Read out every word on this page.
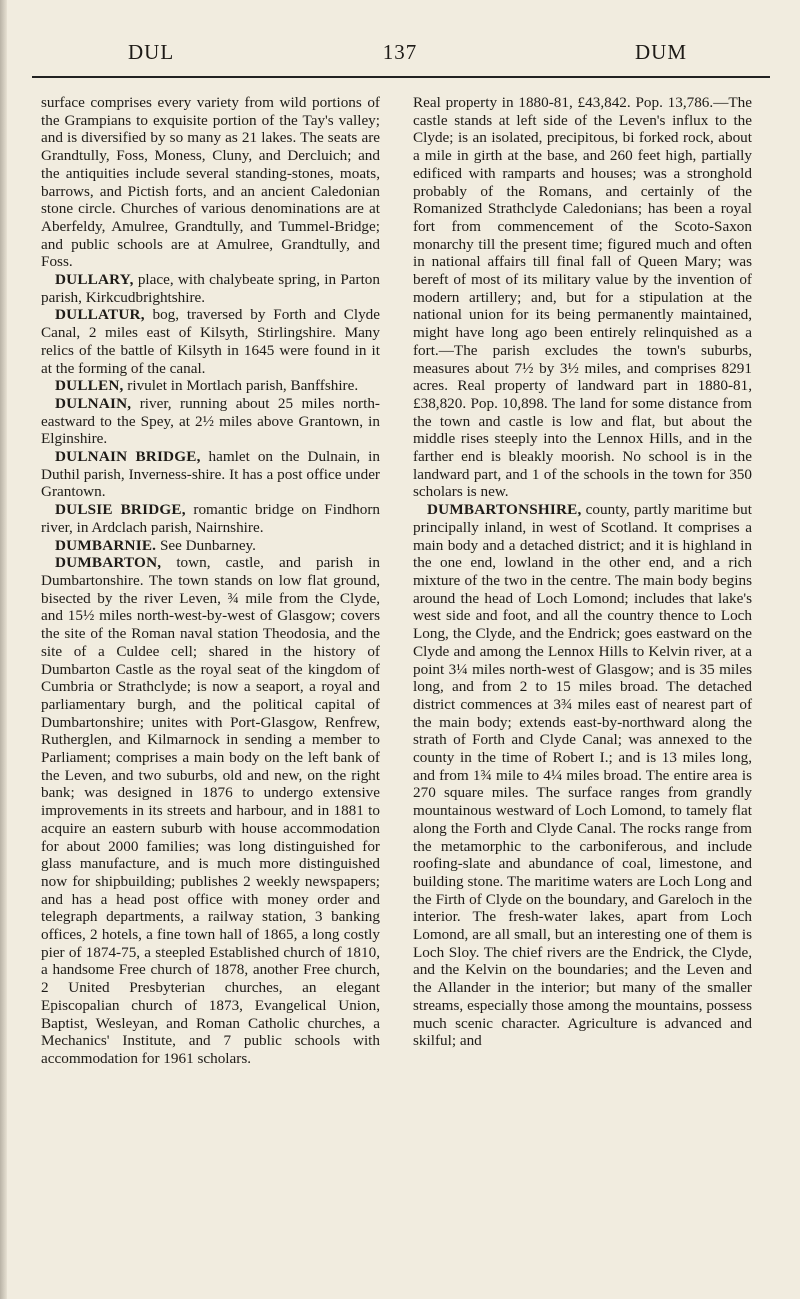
DUL	137	DUM

surface comprises every variety from wild portions of the Grampians to exquisite portion of the Tay's valley; and is diversified by so many as 21 lakes. The seats are Grandtully, Foss, Moness, Cluny, and Dercluich; and the antiquities include several standing-stones, moats, barrows, and Pictish forts, and an ancient Caledonian stone circle. Churches of various denominations are at Aberfeldy, Amulree, Grandtully, and Tummel-Bridge; and public schools are at Amulree, Grandtully, and Foss.

DULLARY, place, with chalybeate spring, in Parton parish, Kirkcudbrightshire.

DULLATUR, bog, traversed by Forth and Clyde Canal, 2 miles east of Kilsyth, Stirlingshire. Many relics of the battle of Kilsyth in 1645 were found in it at the forming of the canal.

DULLEN, rivulet in Mortlach parish, Banffshire.

DULNAIN, river, running about 25 miles north-eastward to the Spey, at 2½ miles above Grantown, in Elginshire.

DULNAIN BRIDGE, hamlet on the Dulnain, in Duthil parish, Inverness-shire. It has a post office under Grantown.

DULSIE BRIDGE, romantic bridge on Findhorn river, in Ardclach parish, Nairnshire.

DUMBARNIE. See Dunbarney.

DUMBARTON, town, castle, and parish in Dumbartonshire. The town stands on low flat ground, bisected by the river Leven, ¾ mile from the Clyde, and 15½ miles north-west-by-west of Glasgow; covers the site of the Roman naval station Theodosia, and the site of a Culdee cell; shared in the history of Dumbarton Castle as the royal seat of the kingdom of Cumbria or Strathclyde; is now a seaport, a royal and parliamentary burgh, and the political capital of Dumbartonshire; unites with Port-Glasgow, Renfrew, Rutherglen, and Kilmarnock in sending a member to Parliament; comprises a main body on the left bank of the Leven, and two suburbs, old and new, on the right bank; was designed in 1876 to undergo extensive improvements in its streets and harbour, and in 1881 to acquire an eastern suburb with house accommodation for about 2000 families; was long distinguished for glass manufacture, and is much more distinguished now for shipbuilding; publishes 2 weekly newspapers; and has a head post office with money order and telegraph departments, a railway station, 3 banking offices, 2 hotels, a fine town hall of 1865, a long costly pier of 1874-75, a steepled Established church of 1810, a handsome Free church of 1878, another Free church, 2 United Presbyterian churches, an elegant Episcopalian church of 1873, Evangelical Union, Baptist, Wesleyan, and Roman Catholic churches, a Mechanics' Institute, and 7 public schools with accommodation for 1961 scholars.

Real property in 1880-81, £43,842. Pop. 13,786.—The castle stands at left side of the Leven's influx to the Clyde; is an isolated, precipitous, bi forked rock, about a mile in girth at the base, and 260 feet high, partially edificed with ramparts and houses; was a stronghold probably of the Romans, and certainly of the Romanized Strathclyde Caledonians; has been a royal fort from commencement of the Scoto-Saxon monarchy till the present time; figured much and often in national affairs till final fall of Queen Mary; was bereft of most of its military value by the invention of modern artillery; and, but for a stipulation at the national union for its being permanently maintained, might have long ago been entirely relinquished as a fort.—The parish excludes the town's suburbs, measures about 7½ by 3½ miles, and comprises 8291 acres. Real property of landward part in 1880-81, £38,820. Pop. 10,898. The land for some distance from the town and castle is low and flat, but about the middle rises steeply into the Lennox Hills, and in the farther end is bleakly moorish. No school is in the landward part, and 1 of the schools in the town for 350 scholars is new.

DUMBARTONSHIRE, county, partly maritime but principally inland, in west of Scotland. It comprises a main body and a detached district; and it is highland in the one end, lowland in the other end, and a rich mixture of the two in the centre. The main body begins around the head of Loch Lomond; includes that lake's west side and foot, and all the country thence to Loch Long, the Clyde, and the Endrick; goes eastward on the Clyde and among the Lennox Hills to Kelvin river, at a point 3¼ miles north-west of Glasgow; and is 35 miles long, and from 2 to 15 miles broad. The detached district commences at 3¾ miles east of nearest part of the main body; extends east-by-northward along the strath of Forth and Clyde Canal; was annexed to the county in the time of Robert I.; and is 13 miles long, and from 1¾ mile to 4¼ miles broad. The entire area is 270 square miles. The surface ranges from grandly mountainous westward of Loch Lomond, to tamely flat along the Forth and Clyde Canal. The rocks range from the metamorphic to the carboniferous, and include roofing-slate and abundance of coal, limestone, and building stone. The maritime waters are Loch Long and the Firth of Clyde on the boundary, and Gareloch in the interior. The fresh-water lakes, apart from Loch Lomond, are all small, but an interesting one of them is Loch Sloy. The chief rivers are the Endrick, the Clyde, and the Kelvin on the boundaries; and the Leven and the Allander in the interior; but many of the smaller streams, especially those among the mountains, possess much scenic character. Agriculture is advanced and skilful; and
